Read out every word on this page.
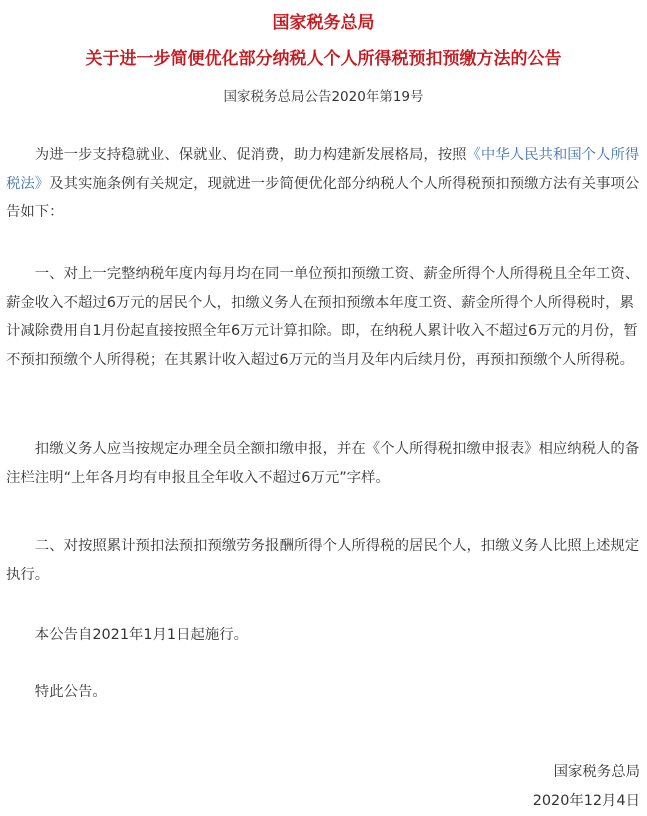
国家税务总局
关于进一步简便优化部分纳税人个人所得税预扣预缴方法的公告
国家税务总局公告2020年第19号

为进一步支持稳就业、保就业、促消费，助力构建新发展格局，按照《中华人民共和国个人所得税法》及其实施条例有关规定，现就进一步简便优化部分纳税人个人所得税预扣预缴方法有关事项公告如下：

一、对上一完整纳税年度内每月均在同一单位预扣预缴工资、薪金所得个人所得税且全年工资、薪金收入不超过6万元的居民个人，扣缴义务人在预扣预缴本年度工资、薪金所得个人所得税时，累计减除费用自1月份起直接按照全年6万元计算扣除。即，在纳税人累计收入不超过6万元的月份，暂不预扣预缴个人所得税；在其累计收入超过6万元的当月及年内后续月份，再预扣预缴个人所得税。

扣缴义务人应当按规定办理全员全额扣缴申报，并在《个人所得税扣缴申报表》相应纳税人的备注栏注明“上年各月均有申报且全年收入不超过6万元”字样。

二、对按照累计预扣法预扣预缴劳务报酬所得个人所得税的居民个人，扣缴义务人比照上述规定执行。

本公告自2021年1月1日起施行。

特此公告。

国家税务总局
2020年12月4日
